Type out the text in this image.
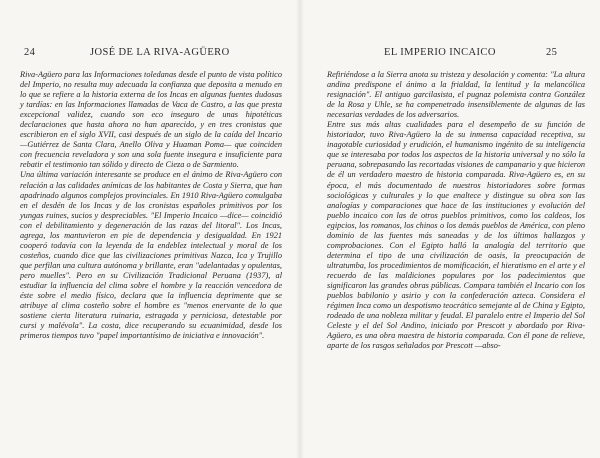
24	JOSÉ DE LA RIVA-AGÜERO
Riva-Agüero para las Informaciones toledanas desde el punto de vista político del Imperio, no resulta muy adecuada la confianza que deposita a menudo en lo que se refiere a la historia externa de los Incas en algunas fuentes dudosas y tardías: en las Informaciones llamadas de Vaca de Castro, a las que presta excepcional validez, cuando son eco inseguro de unas hipotéticas declaraciones que hasta ahora no han aparecido, y en tres cronistas que escribieron en el siglo XVII, casi después de un siglo de la caída del Incario —Gutiérrez de Santa Clara, Anello Oliva y Huaman Poma— que coinciden con frecuencia reveladora y son una sola fuente insegura e insuficiente para rebatir el testimonio tan sólido y directo de Cieza o de Sarmiento.
Una última variación interesante se produce en el ánimo de Riva-Agüero con relación a las calidades anímicas de los habitantes de Costa y Sierra, que han apadrinado algunos complejos provinciales. En 1910 Riva-Agüero comulgaba en el desdén de los Incas y de los cronistas españoles primitivos por los yungas ruines, sucios y despreciables. "El Imperio Incaico —dice— coincidió con el debilitamiento y degeneración de las razas del litoral". Los Incas, agrega, los mantuvieron en pie de dependencia y desigualdad. En 1921 cooperó todavía con la leyenda de la endeblez intelectual y moral de los costeños, cuando dice que las civilizaciones primitivas Nazca, Ica y Trujillo que perfilan una cultura autónoma y brillante, eran "adelantadas y opulentas, pero muelles". Pero en su Civilización Tradicional Peruana (1937), al estudiar la influencia del clima sobre el hombre y la reacción vencedora de éste sobre el medio físico, declara que la influencia deprimente que se atribuye al clima costeño sobre el hombre es "menos enervante de lo que sostiene cierta literatura ruinaria, estragada y perniciosa, detestable por cursi y malévola". La costa, dice recuperando su ecuanimidad, desde los primeros tiempos tuvo "papel importantísimo de iniciativa e innovación".
EL IMPERIO INCAICO	25
Refiriéndose a la Sierra anota su tristeza y desolación y comenta: "La altura andina predispone el ánimo a la frialdad, la lentitud y la melancólica resignación". El antiguo garcilasista, el pugnaz polemista contra González de la Rosa y Uhle, se ha compenetrado insensiblemente de algunas de las necesarias verdades de los adversarios.
Entre sus más altas cualidades para el desempeño de su función de historiador, tuvo Riva-Agüero la de su inmensa capacidad receptiva, su inagotable curiosidad y erudición, el humanismo ingénito de su inteligencia que se interesaba por todos los aspectos de la historia universal y no sólo la peruana, sobrepasando las recortadas visiones de campanario y que hicieron de él un verdadero maestro de historia comparada. Riva-Agüero es, en su época, el más documentado de nuestros historiadores sobre formas sociológicas y culturales y lo que enaltece y distingue su obra son las analogías y comparaciones que hace de las instituciones y evolución del pueblo incaico con las de otros pueblos primitivos, como los caldeos, los egipcios, los romanos, los chinos o los demás pueblos de América, con pleno dominio de las fuentes más saneadas y de los últimos hallazgos y comprobaciones. Con el Egipto halló la analogía del territorio que determina el tipo de una civilización de oasis, la preocupación de ultratumba, los procedimientos de momificación, el hieratismo en el arte y el recuerdo de las maldiciones populares por los padecimientos que significaron las grandes obras públicas. Compara también el Incario con los pueblos babilonio y asirio y con la confederación azteca. Considera el régimen Inca como un despotismo teocrático semejante al de China y Egipto, rodeado de una nobleza militar y feudal. El paralelo entre el Imperio del Sol Celeste y el del Sol Andino, iniciado por Prescott y abordado por Riva-Agüero, es una obra maestra de historia comparada. Con él pone de relieve, aparte de los rasgos señalados por Prescott —abso-
